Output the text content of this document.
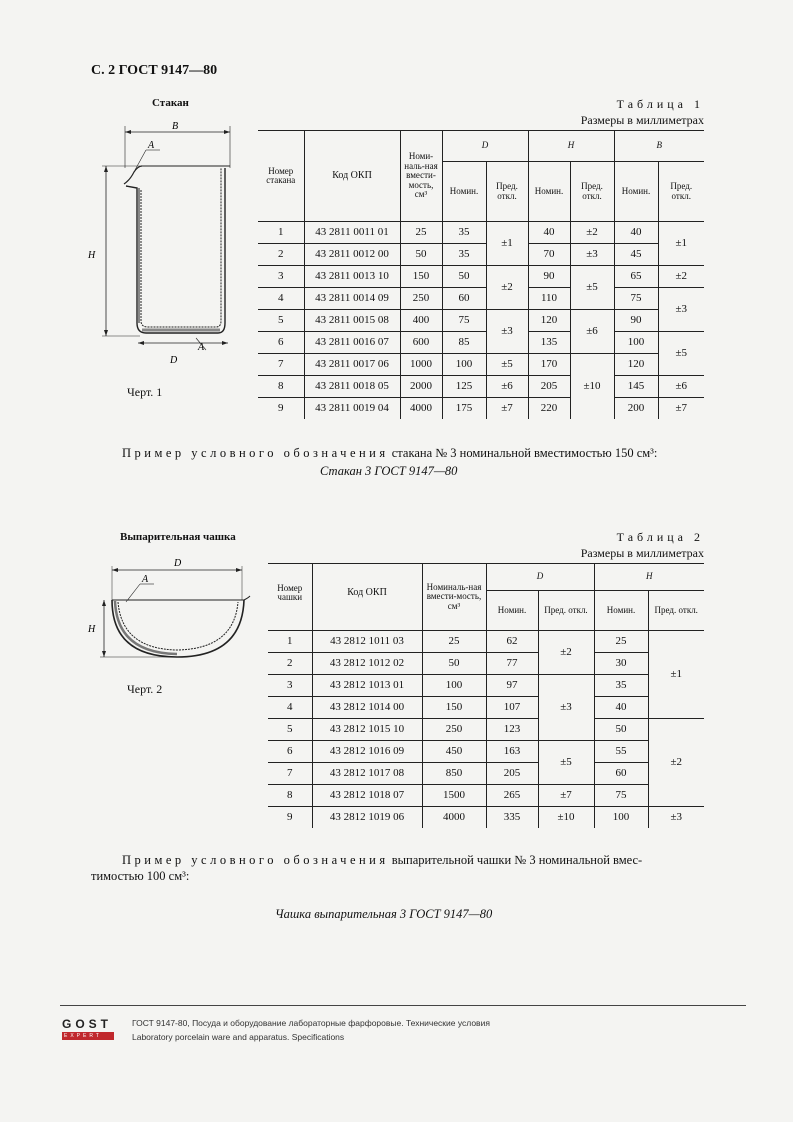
С. 2 ГОСТ 9147—80
Стакан	Таблица 1
Размеры в миллиметрах
B
A
H
D
A
Черт. 1
Номер стакана	Код ОКП	Номи-наль-ная вмести-мость, см³	D		H		B	
			Номин.	Пред. откл.	Номин.	Пред. откл.	Номин.	Пред. откл.
1	43 2811 0011 01	25	35	±1	40	±2	40	±1
2	43 2811 0012 00	50	35		70	±3	45	
3	43 2811 0013 10	150	50	±2	90	±5	65	±2
4	43 2811 0014 09	250	60		110		75	±3
5	43 2811 0015 08	400	75	±3	120	±6	90	
6	43 2811 0016 07	600	85		135		100	±5
7	43 2811 0017 06	1000	100	±5	170	±10	120	
8	43 2811 0018 05	2000	125	±6	205		145	±6
9	43 2811 0019 04	4000	175	±7	220		200	±7
Пример условного обозначения стакана № 3 номинальной вместимостью 150 см³:
Стакан 3 ГОСТ 9147—80
Выпарительная чашка	Таблица 2
Размеры в миллиметрах
D
A
H
Черт. 2
Номер чашки	Код ОКП	Номиналь-ная вмести-мость, см³	D		H	
			Номин.	Пред. откл.	Номин.	Пред. откл.
1	43 2812 1011 03	25	62	±2	25	±1
2	43 2812 1012 02	50	77		30	
3	43 2812 1013 01	100	97	±3	35	
4	43 2812 1014 00	150	107		40	
5	43 2812 1015 10	250	123		50	±2
6	43 2812 1016 09	450	163	±5	55	
7	43 2812 1017 08	850	205		60	
8	43 2812 1018 07	1500	265	±7	75	
9	43 2812 1019 06	4000	335	±10	100	±3
Пример условного обозначения выпарительной чашки № 3 номинальной вмес-
тимостью 100 см³:
Чашка выпарительная 3 ГОСТ 9147—80
GOST
EXPERT
ГОСТ 9147-80, Посуда и оборудование лабораторные фарфоровые. Технические условия
Laboratory porcelain ware and apparatus. Specifications
